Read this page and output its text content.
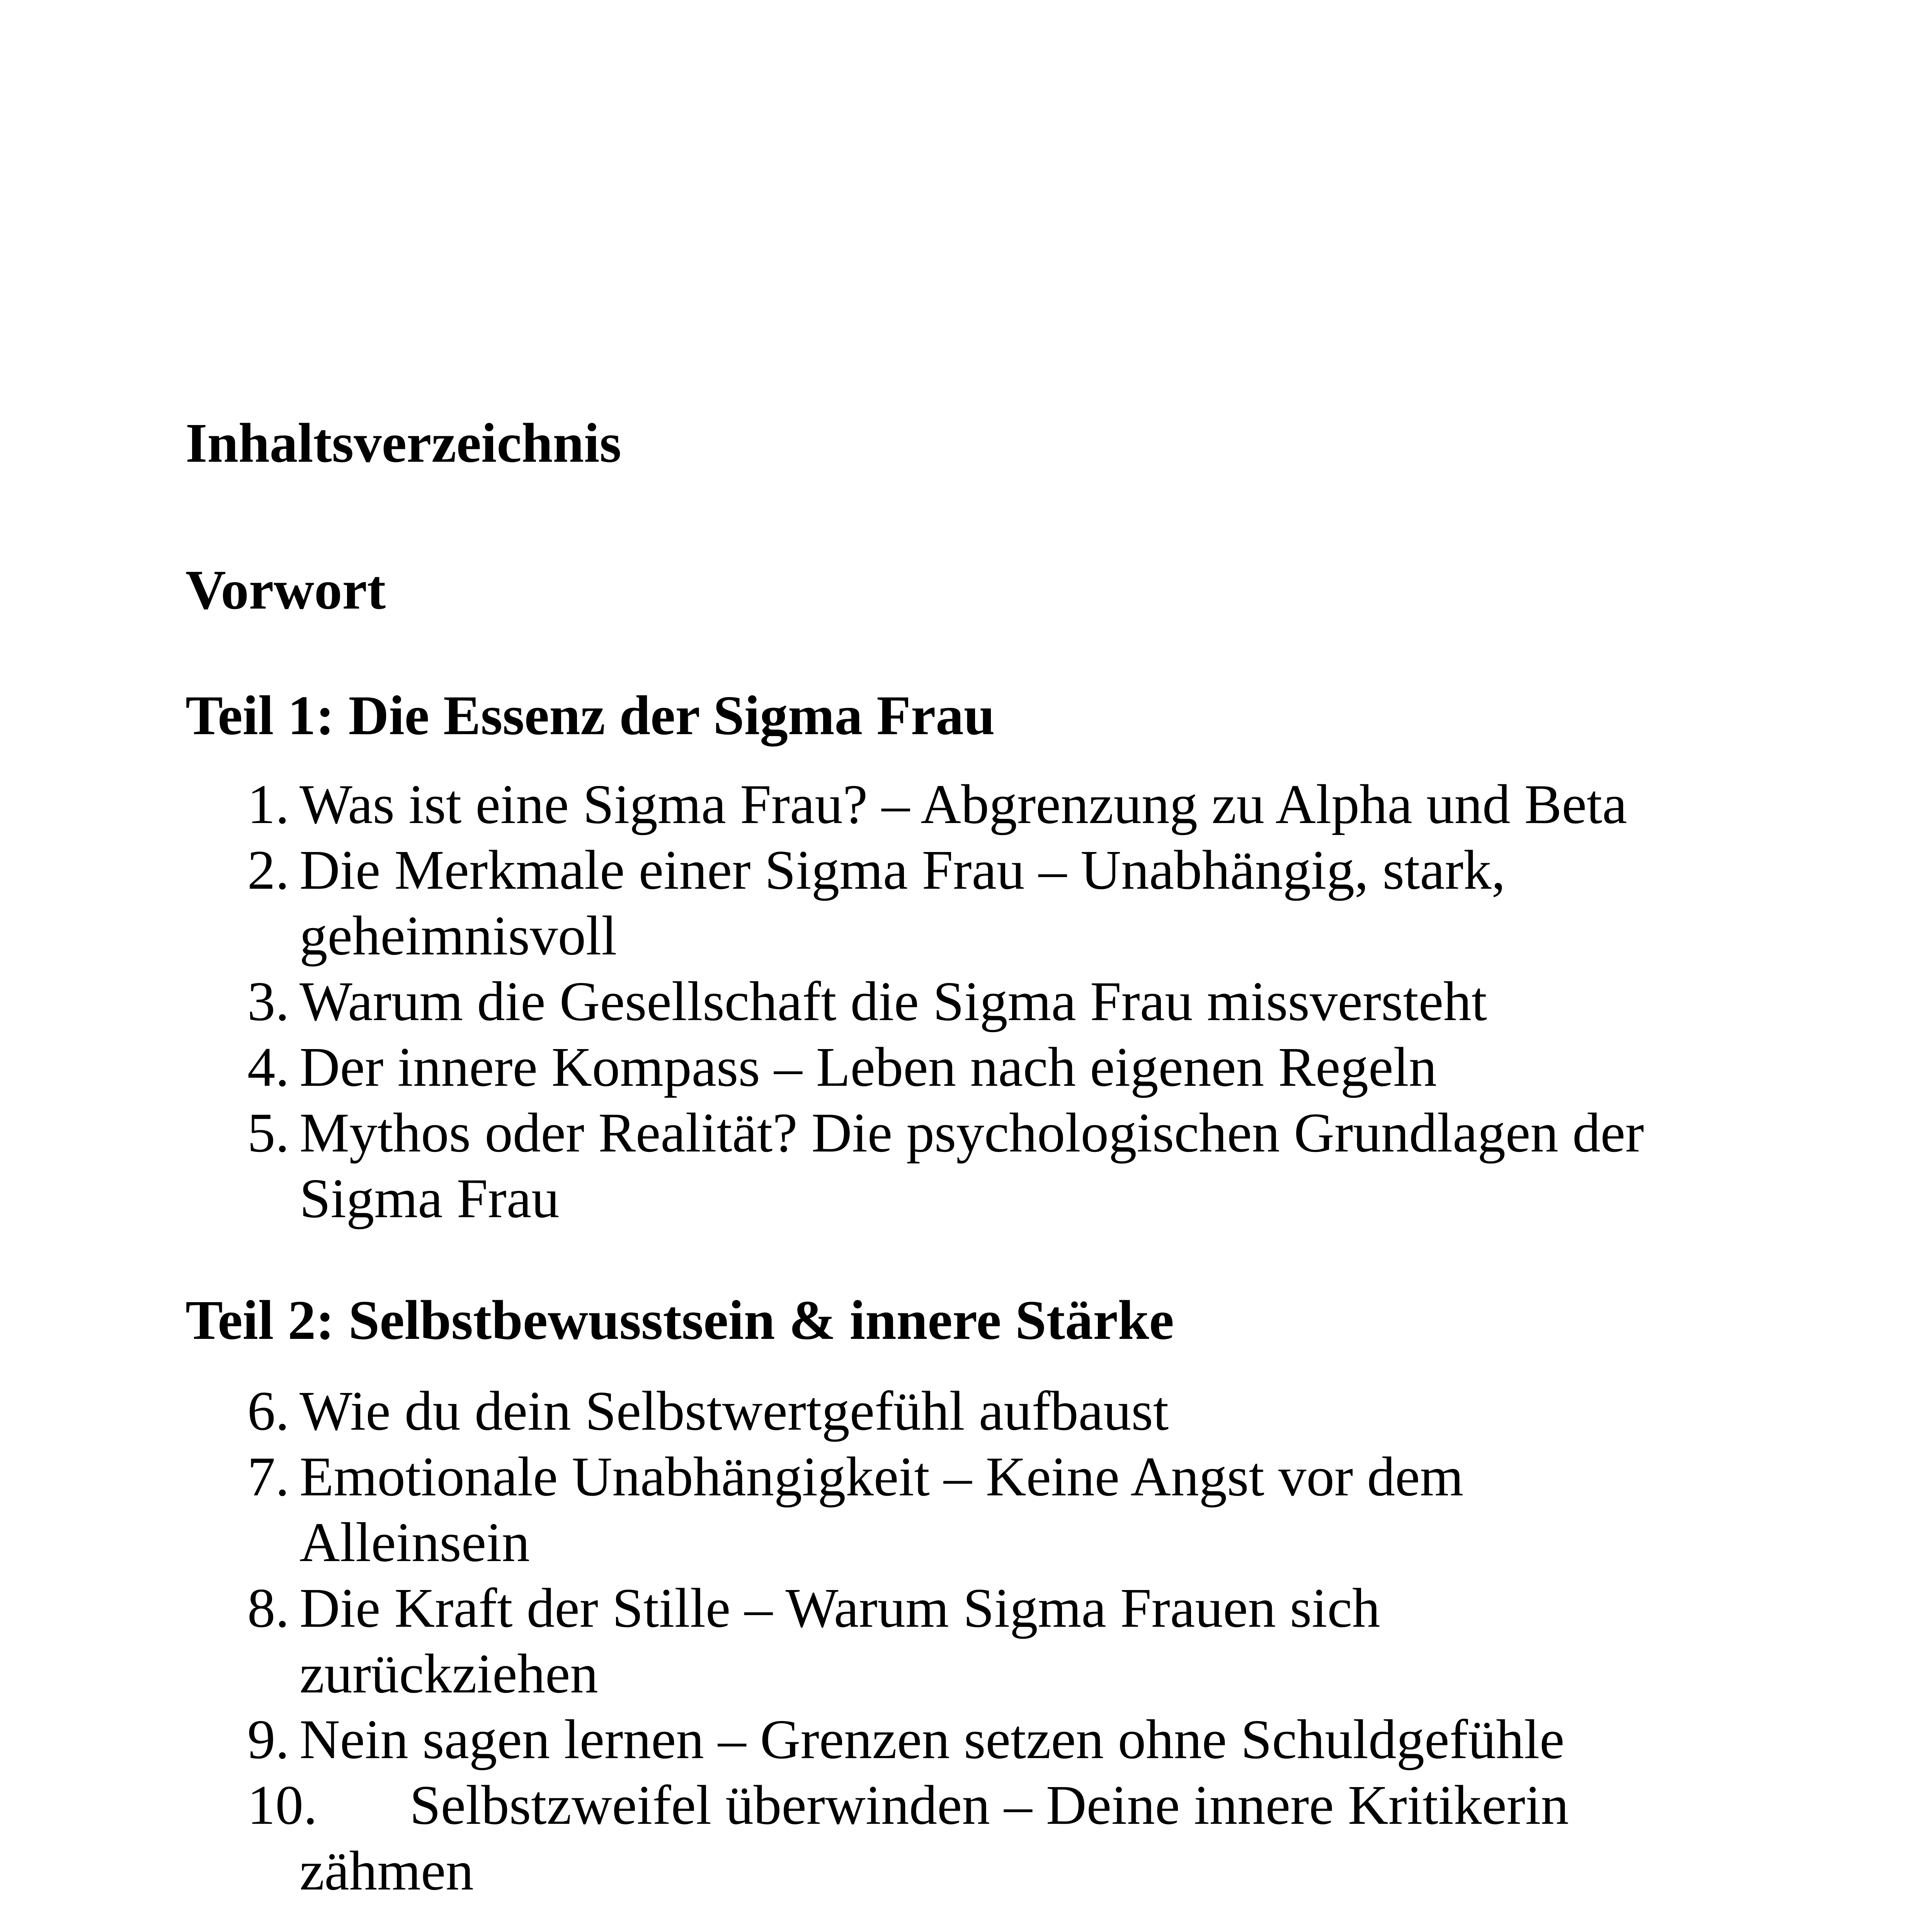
Inhaltsverzeichnis
Vorwort
Teil 1: Die Essenz der Sigma Frau
1. Was ist eine Sigma Frau? – Abgrenzung zu Alpha und Beta
2. Die Merkmale einer Sigma Frau – Unabhängig, stark,
geheimnisvoll
3. Warum die Gesellschaft die Sigma Frau missversteht
4. Der innere Kompass – Leben nach eigenen Regeln
5. Mythos oder Realität? Die psychologischen Grundlagen der
Sigma Frau
Teil 2: Selbstbewusstsein & innere Stärke
6. Wie du dein Selbstwertgefühl aufbaust
7. Emotionale Unabhängigkeit – Keine Angst vor dem
Alleinsein
8. Die Kraft der Stille – Warum Sigma Frauen sich
zurückziehen
9. Nein sagen lernen – Grenzen setzen ohne Schuldgefühle
10. Selbstzweifel überwinden – Deine innere Kritikerin
zähmen
